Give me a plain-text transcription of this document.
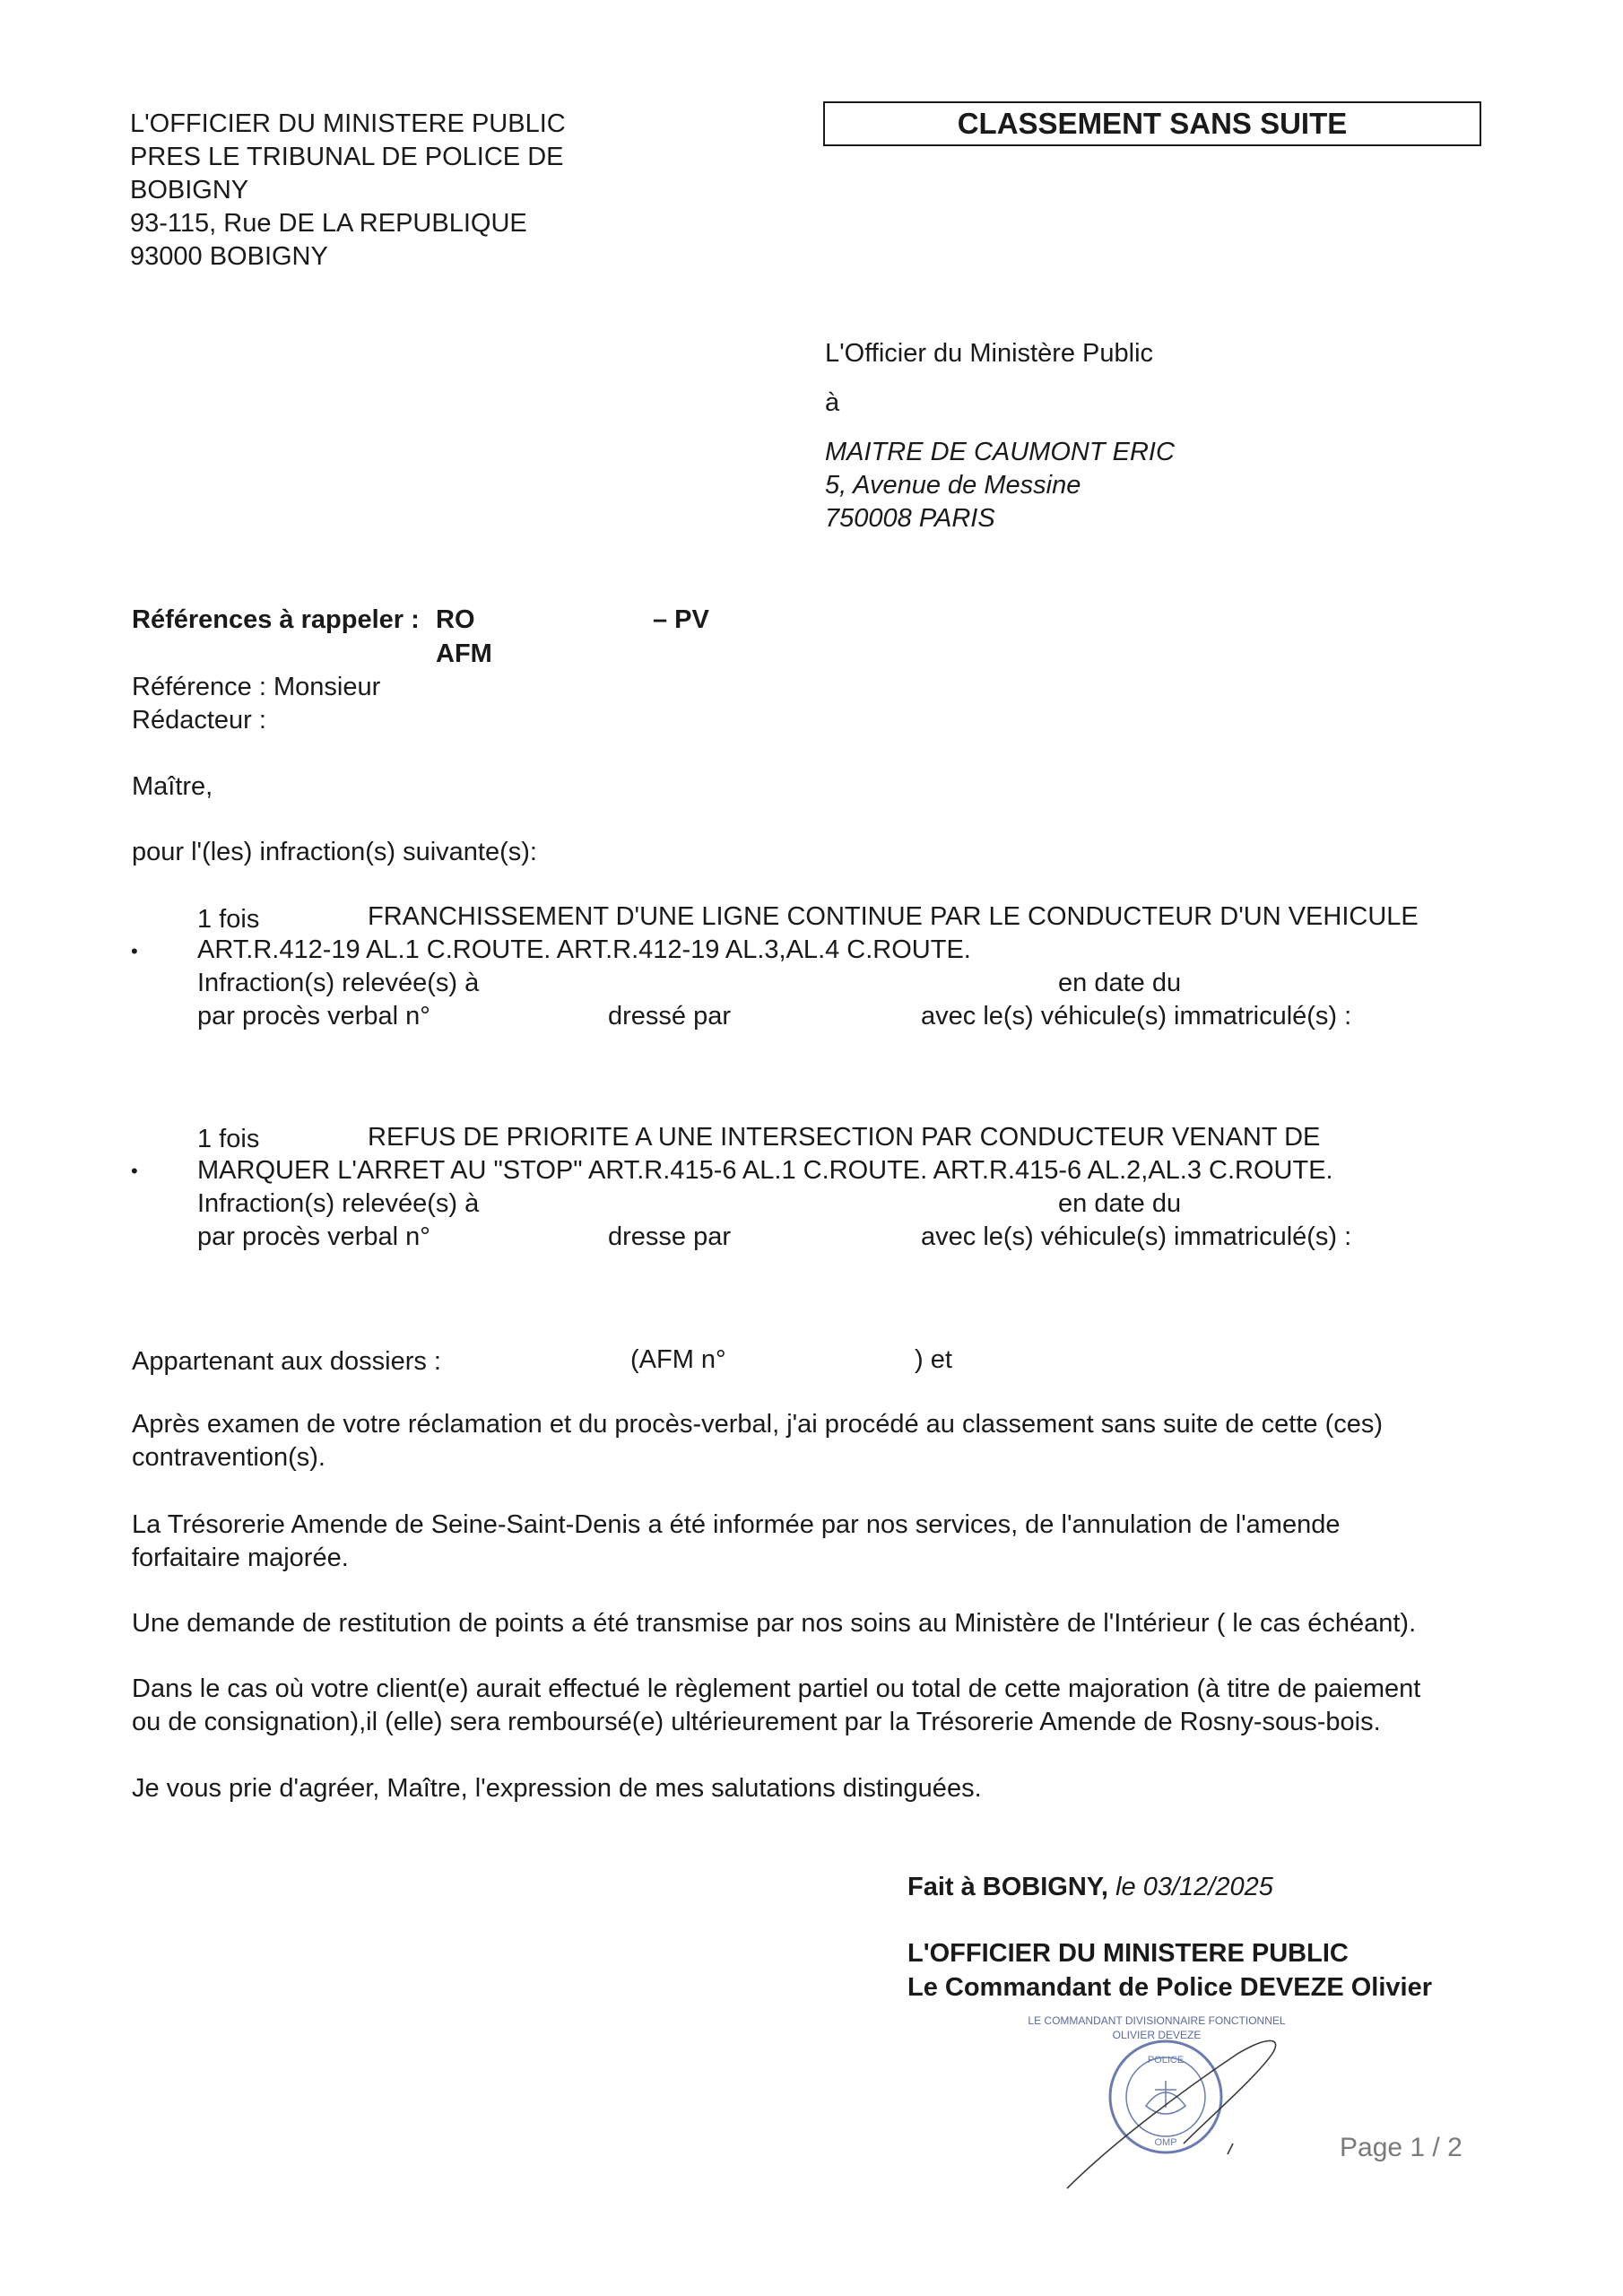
L'OFFICIER DU MINISTERE PUBLIC
PRES LE TRIBUNAL DE POLICE DE
BOBIGNY
93-115, Rue DE LA REPUBLIQUE
93000 BOBIGNY
CLASSEMENT SANS SUITE
L'Officier du Ministère Public
à
MAITRE DE CAUMONT ERIC
5, Avenue de Messine
750008 PARIS
Références à rappeler : RO	– PV
AFM
Référence : Monsieur
Rédacteur :
Maître,
pour l'(les) infraction(s) suivante(s):
1 fois	FRANCHISSEMENT D'UNE LIGNE CONTINUE PAR LE CONDUCTEUR D'UN VEHICULE
• ART.R.412-19 AL.1 C.ROUTE. ART.R.412-19 AL.3,AL.4 C.ROUTE.
Infraction(s) relevée(s) à	en date du
par procès verbal n°	dressé par	avec le(s) véhicule(s) immatriculé(s) :
1 fois	REFUS DE PRIORITE A UNE INTERSECTION PAR CONDUCTEUR VENANT DE
• MARQUER L'ARRET AU "STOP" ART.R.415-6 AL.1 C.ROUTE. ART.R.415-6 AL.2,AL.3 C.ROUTE.
Infraction(s) relevée(s) à	en date du
par procès verbal n°	dresse par	avec le(s) véhicule(s) immatriculé(s) :
Appartenant aux dossiers :	(AFM n°	) et
Après examen de votre réclamation et du procès-verbal, j'ai procédé au classement sans suite de cette (ces)
contravention(s).
La Trésorerie Amende de Seine-Saint-Denis a été informée par nos services, de l'annulation de l'amende
forfaitaire majorée.
Une demande de restitution de points a été transmise par nos soins au Ministère de l'Intérieur ( le cas échéant).
Dans le cas où votre client(e) aurait effectué le règlement partiel ou total de cette majoration (à titre de paiement
ou de consignation),il (elle) sera remboursé(e) ultérieurement par la Trésorerie Amende de Rosny-sous-bois.
Je vous prie d'agréer, Maître, l'expression de mes salutations distinguées.
Fait à BOBIGNY, le 03/12/2025
L'OFFICIER DU MINISTERE PUBLIC
Le Commandant de Police DEVEZE Olivier
LE COMMANDANT DIVISIONNAIRE FONCTIONNEL
OLIVIER DEVEZE
POLICE
OMP	Page 1 / 2
